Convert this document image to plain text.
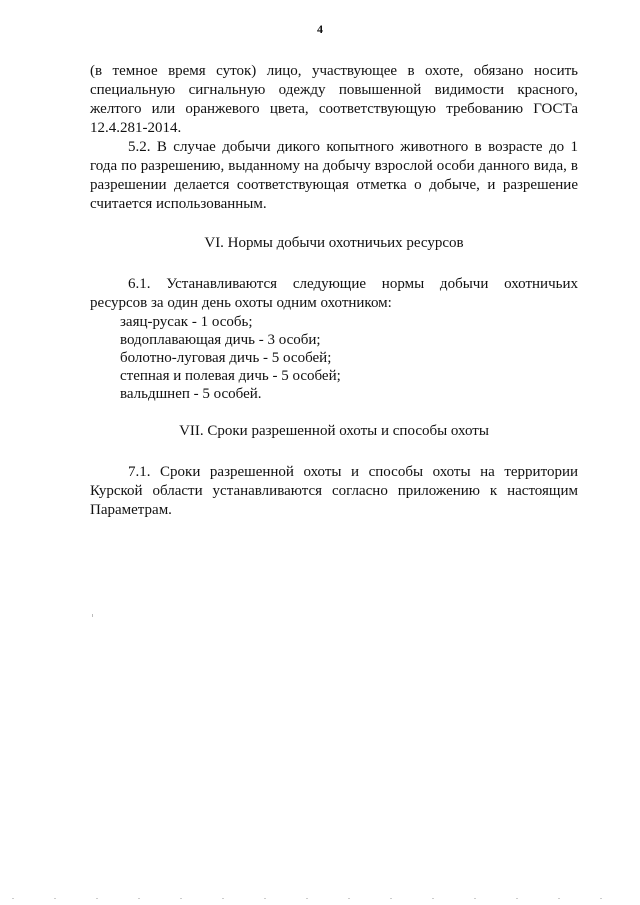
4

(в темное время суток) лицо, участвующее в охоте, обязано носить специальную сигнальную одежду повышенной видимости красного, желтого или оранжевого цвета, соответствующую требованию ГОСТа 12.4.281-2014.

5.2. В случае добычи дикого копытного животного в возрасте до 1 года по разрешению, выданному на добычу взрослой особи данного вида, в разрешении делается соответствующая отметка о добыче, и разрешение считается использованным.

VI. Нормы добычи охотничьих ресурсов

6.1. Устанавливаются следующие нормы добычи охотничьих ресурсов за один день охоты одним охотником:

заяц-русак - 1 особь;
водоплавающая дичь - 3 особи;
болотно-луговая дичь - 5 особей;
степная и полевая дичь - 5 особей;
вальдшнеп - 5 особей.

VII. Сроки разрешенной охоты и способы охоты

7.1. Сроки разрешенной охоты и способы охоты на территории Курской области устанавливаются согласно приложению к настоящим Параметрам.
